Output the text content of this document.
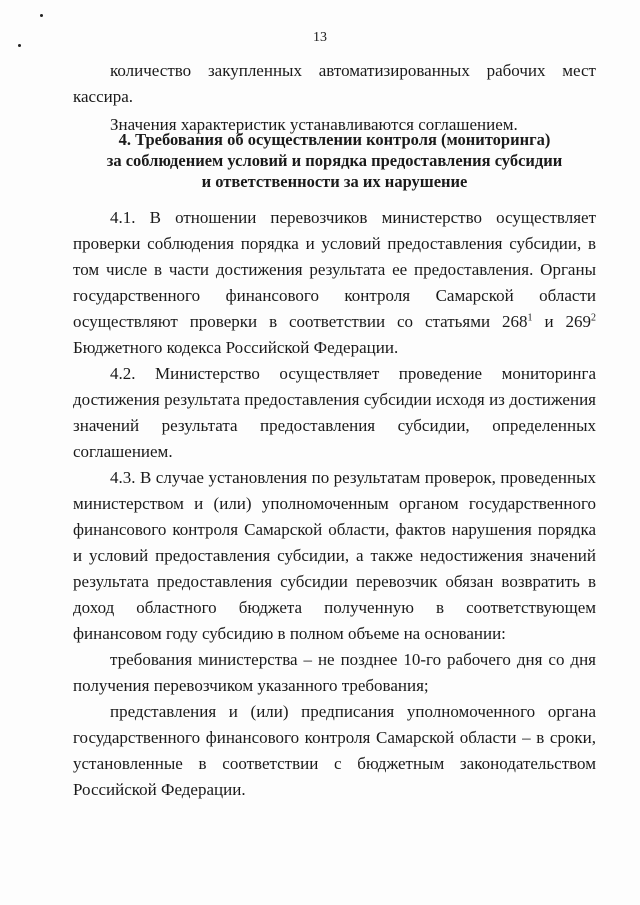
13

количество закупленных автоматизированных рабочих мест кассира.

Значения характеристик устанавливаются соглашением.

4. Требования об осуществлении контроля (мониторинга)
за соблюдением условий и порядка предоставления субсидии
и ответственности за их нарушение

4.1. В отношении перевозчиков министерство осуществляет проверки соблюдения порядка и условий предоставления субсидии, в том числе в части достижения результата ее предоставления. Органы государственного финансового контроля Самарской области осуществляют проверки в соответствии со статьями $268^1$ и $269^2$ Бюджетного кодекса Российской Федерации.

4.2. Министерство осуществляет проведение мониторинга достижения результата предоставления субсидии исходя из достижения значений результата предоставления субсидии, определенных соглашением.

4.3. В случае установления по результатам проверок, проведенных министерством и (или) уполномоченным органом государственного финансового контроля Самарской области, фактов нарушения порядка и условий предоставления субсидии, а также недостижения значений результата предоставления субсидии перевозчик обязан возвратить в доход областного бюджета полученную в соответствующем финансовом году субсидию в полном объеме на основании:

требования министерства – не позднее 10-го рабочего дня со дня получения перевозчиком указанного требования;

представления и (или) предписания уполномоченного органа государственного финансового контроля Самарской области – в сроки, установленные в соответствии с бюджетным законодательством Российской Федерации.
